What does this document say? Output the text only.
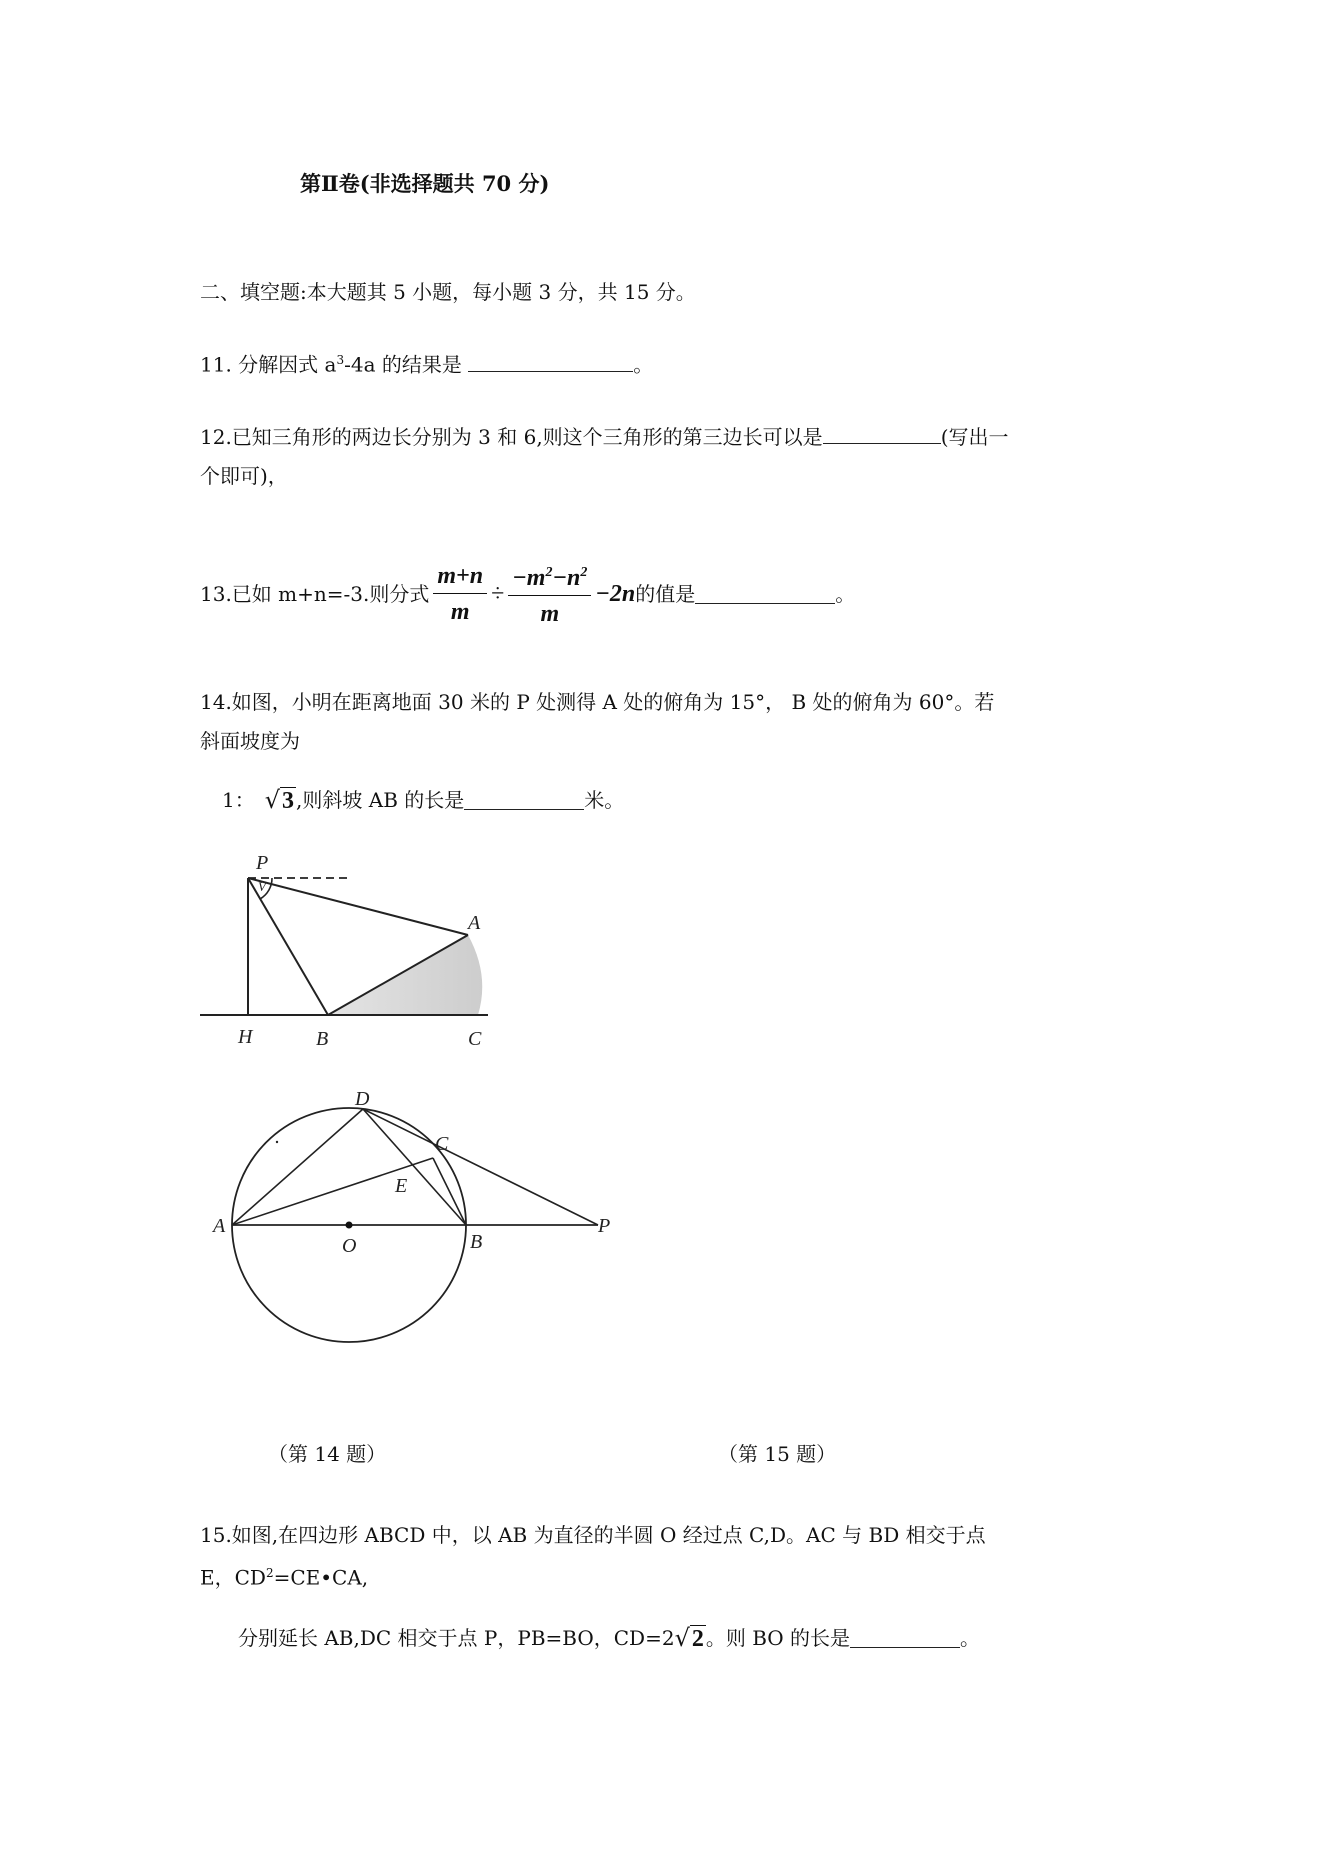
第Ⅱ卷(非选择题共 70 分)
二、填空题:本大题其 5 小题，每小题 3 分，共 15 分。
11. 分解因式 $a^3-4a$ 的结果是	。
12.已知三角形的两边长分别为 3 和 6,则这个三角形的第三边长可以是	(写出一
个即可)，
13.已如 m+n=-3.则分式 $\frac{m+n}{m} \div \frac{-m^2-n^2}{m} -2n$ 的值是	。
14.如图，小明在距离地面 30 米的 P 处测得 A 处的俯角为 15°， B 处的俯角为 60°。若
斜面坡度为
1： √ 3 ,则斜坡 AB 的长是	米。
V
P
A
H	B	C
D
C
E
A
O	B
P
（第 14 题）	（第 15 题）
15.如图,在四边形 ABCD 中，以 AB 为直径的半圆 O 经过点 C,D。AC 与 BD 相交于点
E，$CD^2=CE•CA$,
分别延长 AB,DC 相交于点 P，PB=BO，CD=2 √ 2 。则 BO 的长是	。
